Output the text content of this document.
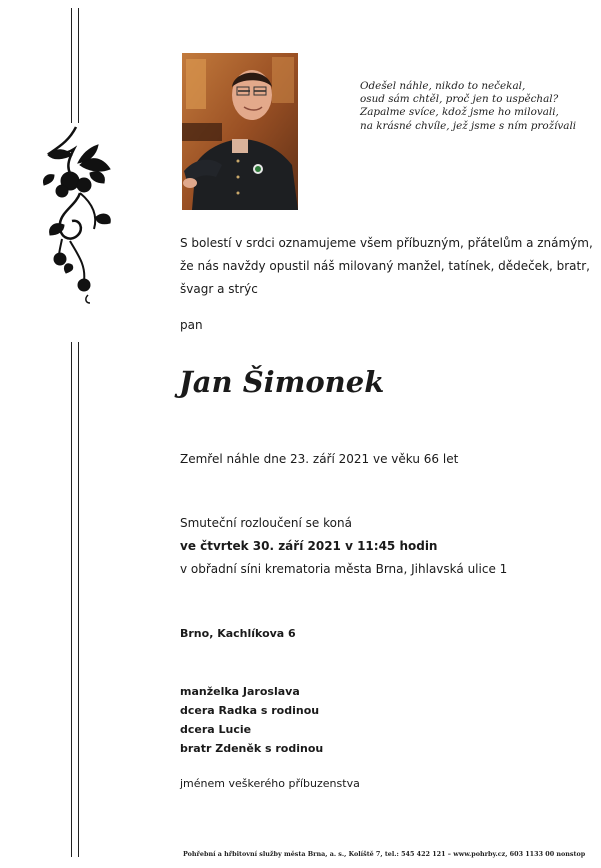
Odešel náhle, nikdo to nečekal,
osud sám chtěl, proč jen to uspěchal?
Zapalme svíce, kdož jsme ho milovali,
na krásné chvíle, jež jsme s ním prožívali
S bolestí v srdci oznamujeme všem příbuzným, přátelům a známým,
že nás navždy opustil náš milovaný manžel, tatínek, dědeček, bratr,
švagr a strýc
pan
Jan Šimonek
Zemřel náhle dne 23. září 2021 ve věku 66 let
Smuteční rozloučení se koná
ve čtvrtek 30. září 2021 v 11:45 hodin
v obřadní síni krematoria města Brna, Jihlavská ulice 1
Brno, Kachlíkova 6
manželka Jaroslava
dcera Radka s rodinou
dcera Lucie
bratr Zdeněk s rodinou
jménem veškerého příbuzenstva
Pohřební a hřbitovní služby města Brna, a. s., Kolíště 7, tel.: 545 422 121 – www.pohrby.cz, 603 1133 00 nonstop
